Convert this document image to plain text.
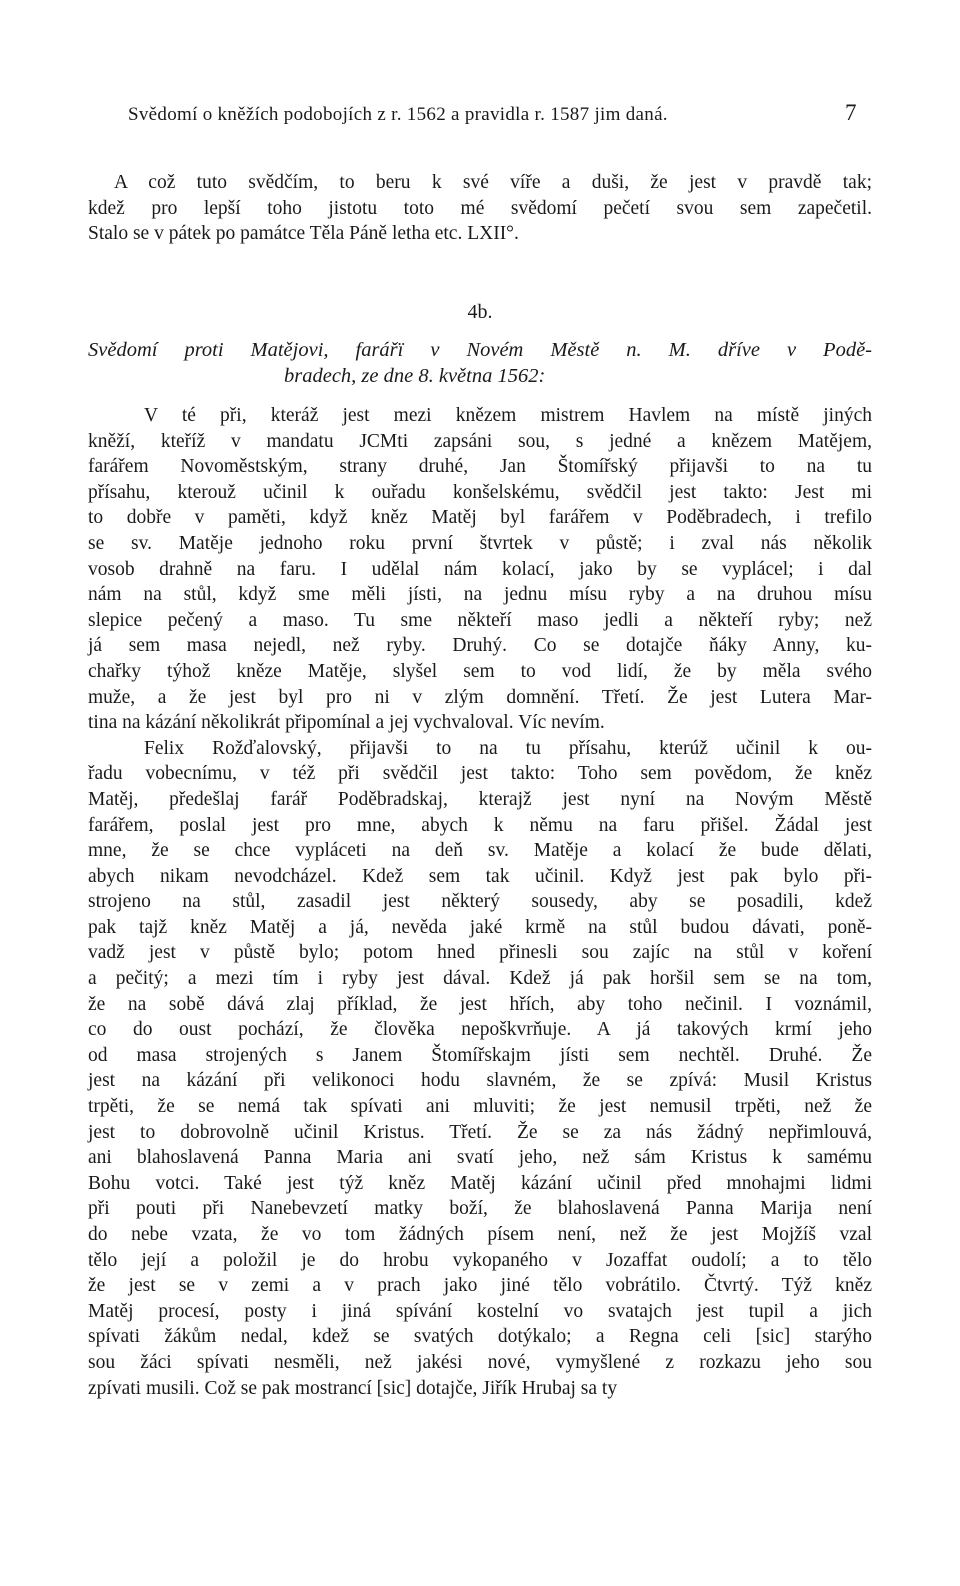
Svědomí o kněžích podobojích z r. 1562 a pravidla r. 1587 jim daná.	7
A což tuto svědčím, to beru k své víře a duši, že jest v pravdě tak;
kdež pro lepší toho jistotu toto mé svědomí pečetí svou sem zapečetil.
Stalo se v pátek po památce Těla Páně letha etc. LXII°.
4b.
Svědomí proti Matějovi, farářï v Novém Městě n. M. dříve v Podě-
bradech, ze dne 8. května 1562:
V té při, kteráž jest mezi knězem mistrem Havlem na místě jiných
kněží, kteříž v mandatu JCMti zapsáni sou, s jedné a knězem Matějem,
farářem Novoměstským, strany druhé, Jan Štomířský přijavši to na tu
přísahu, kterouž učinil k ouřadu konšelskému, svědčil jest takto: Jest mi
to dobře v paměti, když kněz Matěj byl farářem v Poděbradech, i trefilo
se sv. Matěje jednoho roku první štvrtek v půstě; i zval nás několik
vosob drahně na faru. I udělal nám kolací, jako by se vyplácel; i dal
nám na stůl, když sme měli jísti, na jednu mísu ryby a na druhou mísu
slepice pečený a maso. Tu sme někteří maso jedli a někteří ryby; než
já sem masa nejedl, než ryby. Druhý. Co se dotajče ňáky Anny, ku-
chařky týhož kněze Matěje, slyšel sem to vod lidí, že by měla svého
muže, a že jest byl pro ni v zlým domnění. Třetí. Že jest Lutera Mar-
tina na kázání několikrát připomínal a jej vychvaloval. Víc nevím.
Felix Rožďalovský, přijavši to na tu přísahu, kterúž učinil k ou-
řadu vobecnímu, v též při svědčil jest takto: Toho sem povědom, že kněz
Matěj, předešlaj farář Poděbradskaj, kterajž jest nyní na Novým Městě
farářem, poslal jest pro mne, abych k němu na faru přišel. Žádal jest
mne, že se chce vypláceti na deň sv. Matěje a kolací že bude dělati,
abych nikam nevodcházel. Kdež sem tak učinil. Když jest pak bylo při-
strojeno na stůl, zasadil jest některý sousedy, aby se posadili, kdež
pak tajž kněz Matěj a já, nevěda jaké krmě na stůl budou dávati, poně-
vadž jest v půstě bylo; potom hned přinesli sou zajíc na stůl v koření
a pečitý; a mezi tím i ryby jest dával. Kdež já pak horšil sem se na tom,
že na sobě dává zlaj příklad, že jest hřích, aby toho nečinil. I voznámil,
co do oust pochází, že člověka nepoškvrňuje. A já takových krmí jeho
od masa strojených s Janem Štomířskajm jísti sem nechtěl. Druhé. Že
jest na kázání při velikonoci hodu slavném, že se zpívá: Musil Kristus
trpěti, že se nemá tak spívati ani mluviti; že jest nemusil trpěti, než že
jest to dobrovolně učinil Kristus. Třetí. Že se za nás žádný nepřimlouvá,
ani blahoslavená Panna Maria ani svatí jeho, než sám Kristus k samému
Bohu votci. Také jest týž kněz Matěj kázání učinil před mnohajmi lidmi
při pouti při Nanebevzetí matky boží, že blahoslavená Panna Marija není
do nebe vzata, že vo tom žádných písem není, než že jest Mojžíš vzal
tělo její a položil je do hrobu vykopaného v Jozaffat oudolí; a to tělo
že jest se v zemi a v prach jako jiné tělo vobrátilo. Čtvrtý. Týž kněz
Matěj procesí, posty i jiná spívání kostelní vo svatajch jest tupil a jich
spívati žákům nedal, kdež se svatých dotýkalo; a Regna celi [sic] starýho
sou žáci spívati nesměli, než jakési nové, vymyšlené z rozkazu jeho sou
zpívati musili. Což se pak mostrancí [sic] dotajče, Jiřík Hrubaj sa ty
